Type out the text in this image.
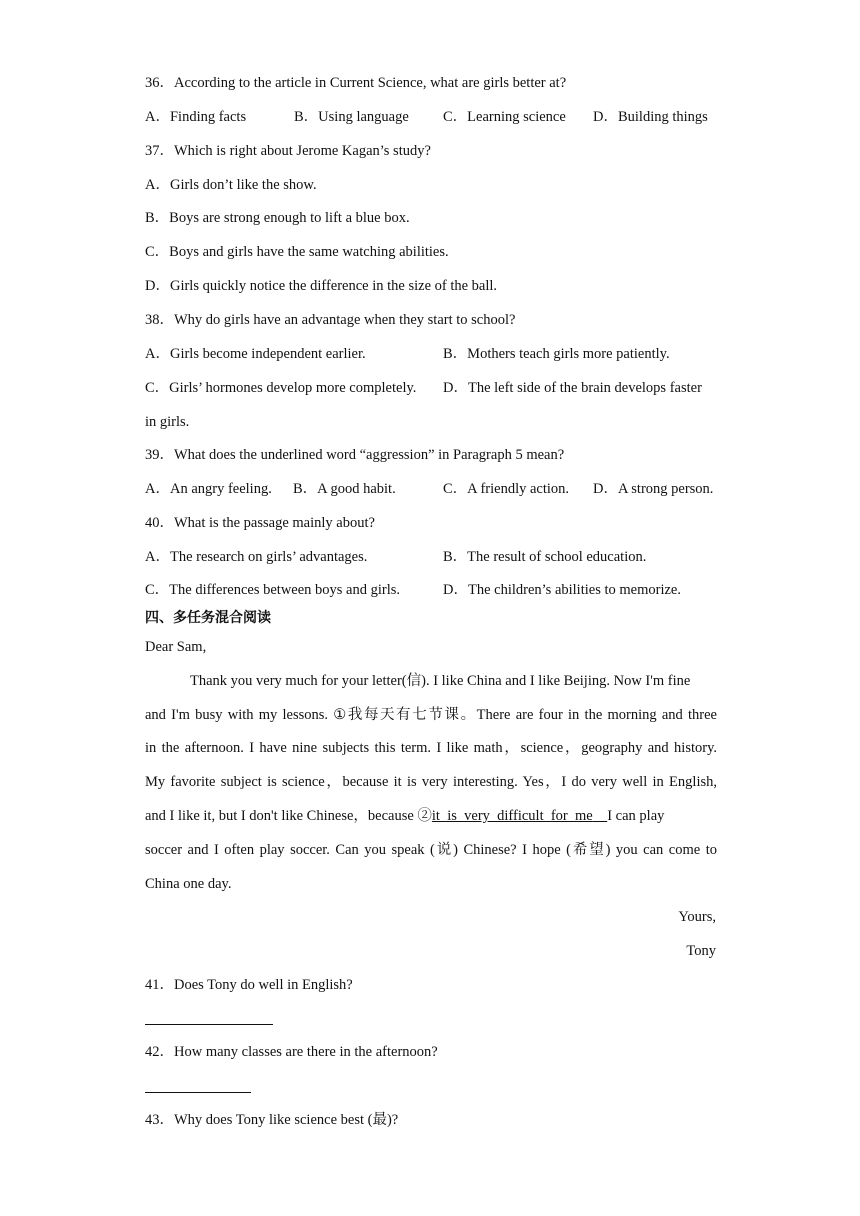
36．According to the article in Current Science, what are girls better at?
A．Finding facts	B．Using language C．Learning science D．Building things
37．Which is right about Jerome Kagan’s study?
A．Girls don’t like the show.
B．Boys are strong enough to lift a blue box.
C．Boys and girls have the same watching abilities.
D．Girls quickly notice the difference in the size of the ball.
38．Why do girls have an advantage when they start to school?
A．Girls become independent earlier.	B．Mothers teach girls more patiently.
C．Girls’ hormones develop more completely. D．The left side of the brain develops faster
in girls.
39．What does the underlined word “aggression” in Paragraph 5 mean?
A．An angry feeling. B．A good habit.	C．A friendly action. D．A strong person.
40．What is the passage mainly about?
A．The research on girls’ advantages.	B．The result of school education.
C．The differences between boys and girls.	D．The children’s abilities to memorize.
四、多任务混合阅读
Dear Sam,
Thank you very much for your letter(信). I like China and I like Beijing. Now I'm fine
and I'm busy with my lessons. ①我每天有七节课。There are four in the morning and three
in the afternoon. I have nine subjects this term. I like math，science，geography and history.
My favorite subject is science，because it is very interesting. Yes，I do very well in English,
and I like it, but I don't like Chinese，because ②it  is  very  difficult  for  me I can play
soccer and I often play soccer. Can you speak (说) Chinese? I hope (希望) you can come to
China one day.
Yours,
Tony
41．Does Tony do well in English?
42．How many classes are there in the afternoon?
43．Why does Tony like science best (最)?
